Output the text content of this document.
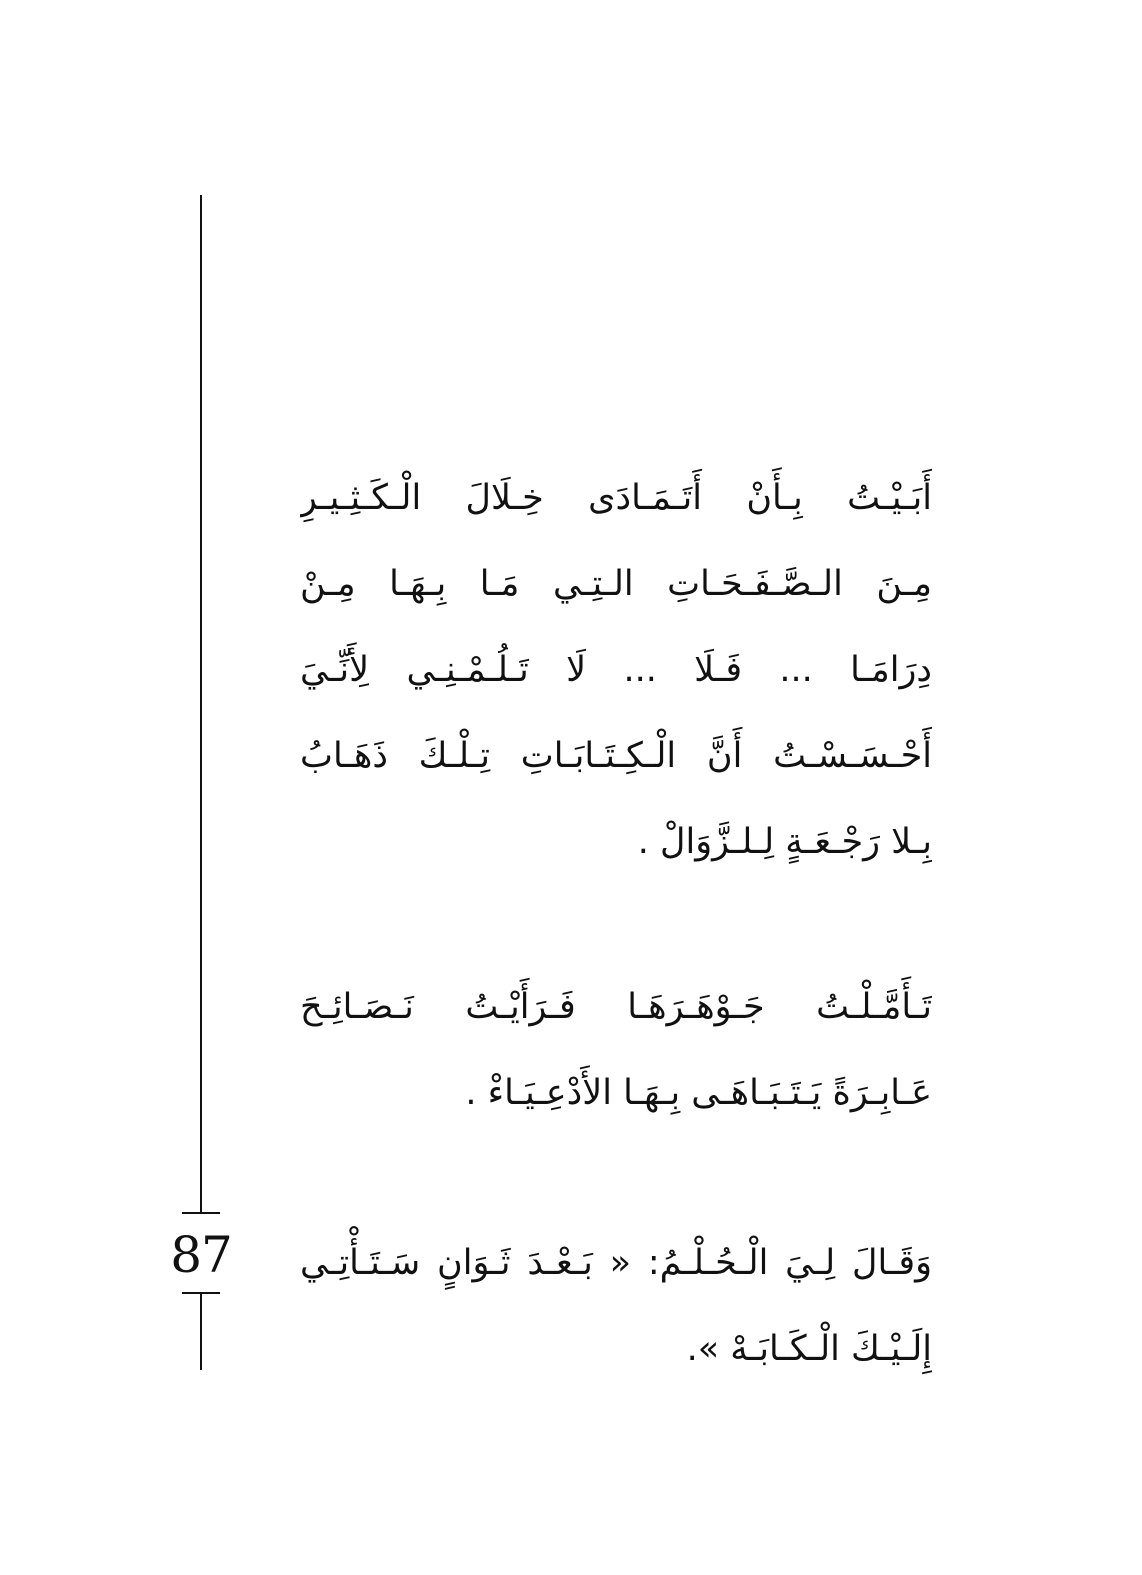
87
أَبَـيْـتُ بِـأَنْ أَتَـمَـادَى خِـلَالَ الْـكَـثِـيـرِ
مِـنَ الـصَّـفَـحَـاتِ الـتِـي مَـا بِـهَـا مِـنْ
دِرَامَـا ... فَـلَا ... لَا تَـلُـمْـنِـي لِأَنِّـيَ
أَحْـسَـسْـتُ أَنَّ الْـكِـتَـابَـاتِ تِـلْـكَ ذَهَـابُ
بِـلا رَجْـعَـةٍ لِـلـزَّوَالْ .
تَـأَمَّـلْـتُ جَـوْهَـرَهَـا فَـرَأَيْـتُ نَـصَـائِـحَ
عَـابِـرَةً يَـتَـبَـاهَـى بِـهَـا الأَدْعِـيَـاءْ .
وَقَـالَ لِـيَ الْـحُـلْـمُ: « بَـعْـدَ ثَـوَانٍ سَـتَـأْتِـي
إِلَـيْـكَ الْـكَـابَـهْ ».
